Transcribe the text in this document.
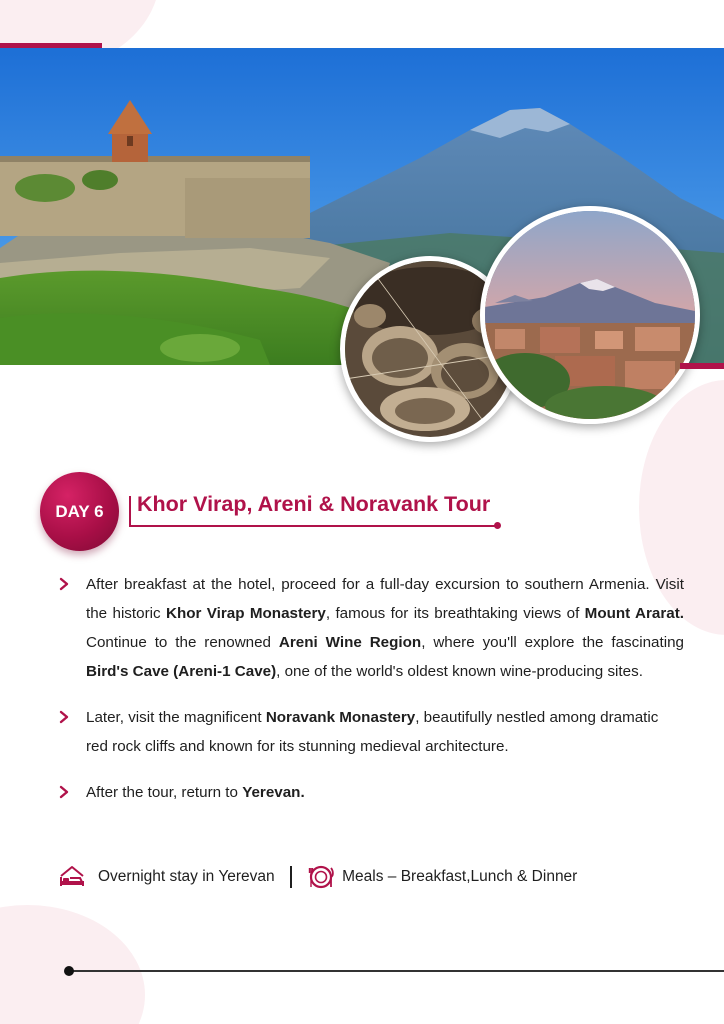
DAY 6	Khor Virap, Areni & Noravank Tour
After breakfast at the hotel, proceed for a full-day excursion to southern Armenia. Visit the historic Khor Virap Monastery, famous for its breathtaking views of Mount Ararat. Continue to the renowned Areni Wine Region, where you'll explore the fascinating Bird's Cave (Areni-1 Cave), one of the world's oldest known wine-producing sites.
Later, visit the magnificent Noravank Monastery, beautifully nestled among dramatic red rock cliffs and known for its stunning medieval architecture.
After the tour, return to Yerevan.
Overnight stay in Yerevan	Meals – Breakfast,Lunch & Dinner
